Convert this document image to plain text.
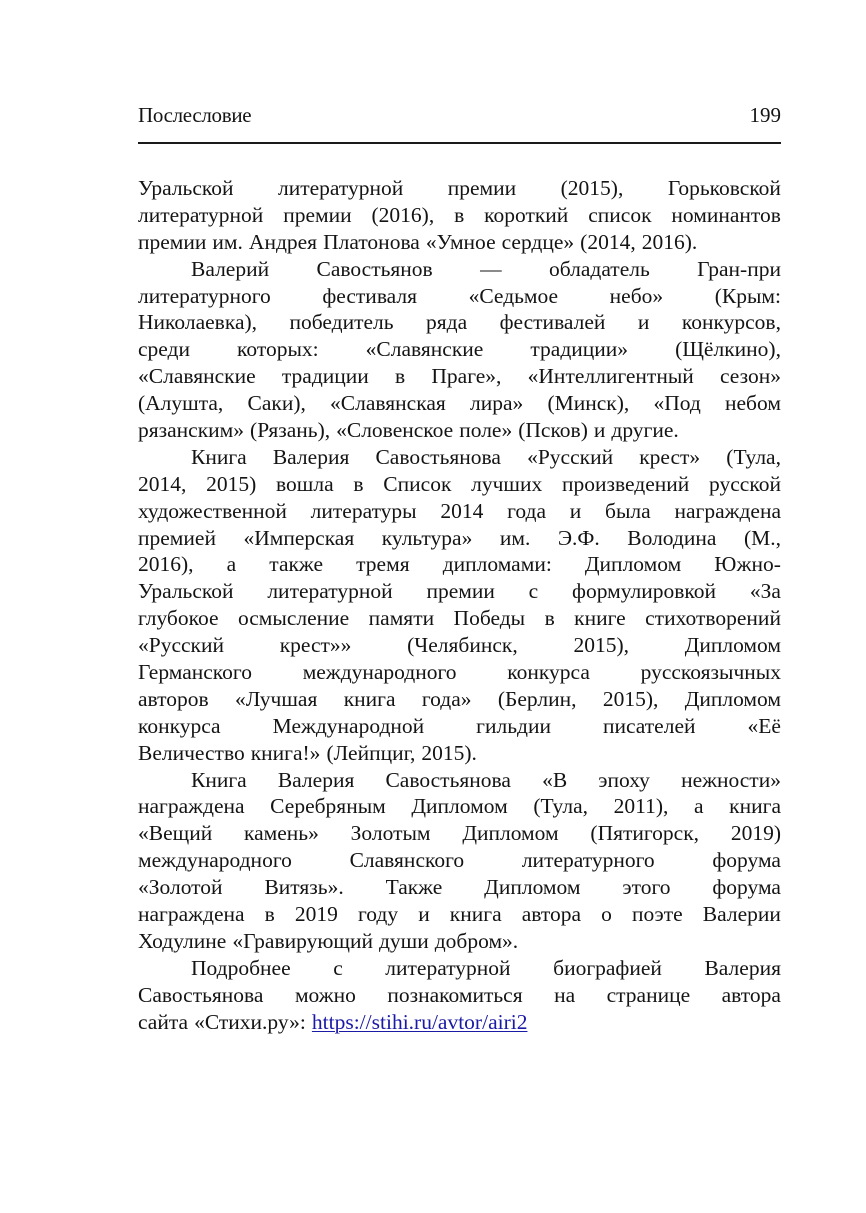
Послесловие	199
Уральской литературной премии (2015), Горьковской
литературной премии (2016), в короткий список номинантов
премии им. Андрея Платонова «Умное сердце» (2014, 2016).
Валерий Савостьянов — обладатель Гран-при
литературного фестиваля «Седьмое небо» (Крым:
Николаевка), победитель ряда фестивалей и конкурсов,
среди которых: «Славянские традиции» (Щёлкино),
«Славянские традиции в Праге», «Интеллигентный сезон»
(Алушта, Саки), «Славянская лира» (Минск), «Под небом
рязанским» (Рязань), «Словенское поле» (Псков) и другие.
Книга Валерия Савостьянова «Русский крест» (Тула,
2014, 2015) вошла в Список лучших произведений русской
художественной литературы 2014 года и была награждена
премией «Имперская культура» им. Э.Ф. Володина (М.,
2016), а также тремя дипломами: Дипломом Южно-
Уральской литературной премии с формулировкой «За
глубокое осмысление памяти Победы в книге стихотворений
«Русский	крест»»	(Челябинск,	2015),	Дипломом
Германского международного конкурса русскоязычных
авторов «Лучшая книга года» (Берлин, 2015), Дипломом
конкурса Международной гильдии писателей «Её
Величество книга!» (Лейпциг, 2015).
Книга Валерия Савостьянова «В эпоху нежности»
награждена Серебряным Дипломом (Тула, 2011), а книга
«Вещий камень» Золотым Дипломом (Пятигорск, 2019)
международного	Славянского	литературного	форума
«Золотой Витязь». Также Дипломом этого форума
награждена в 2019 году и книга автора о поэте Валерии
Ходулине «Гравирующий души добром».
Подробнее с литературной биографией Валерия
Савостьянова можно познакомиться на странице автора
сайта «Стихи.ру»: https://stihi.ru/avtor/airi2
